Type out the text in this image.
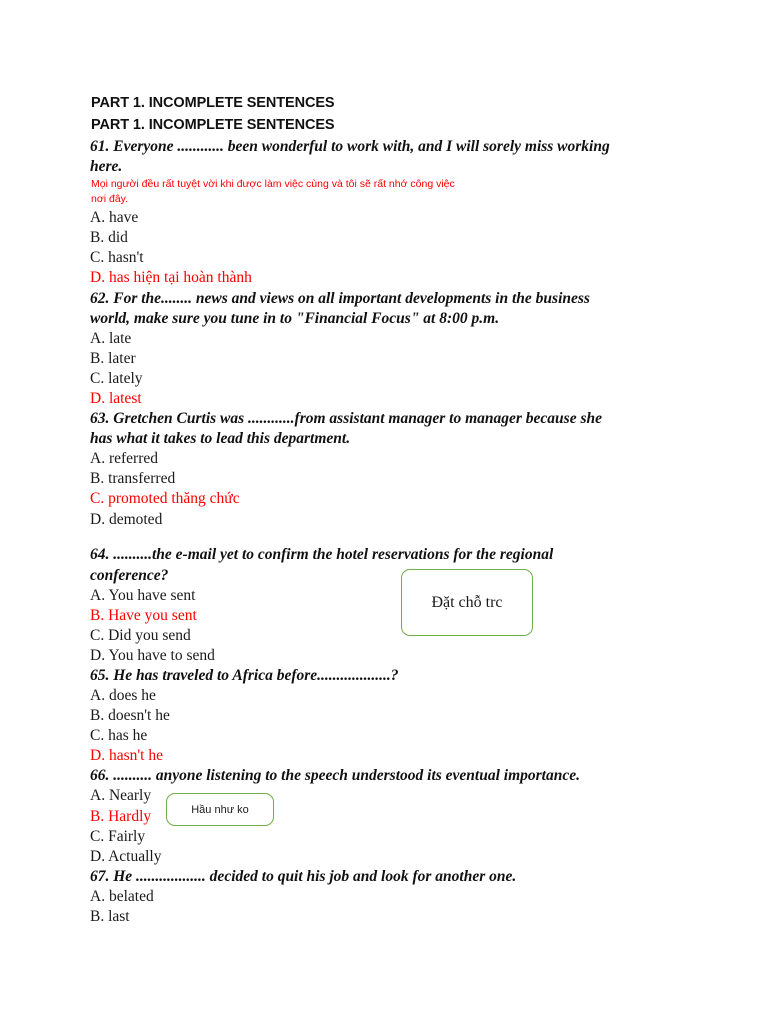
PART 1. INCOMPLETE SENTENCES
PART 1. INCOMPLETE SENTENCES
61. Everyone ............ been wonderful to work with, and I will sorely miss working
here.
Mọi người đều rất tuyệt vời khi được làm việc cùng và tôi sẽ rất nhớ công việc
nơi đây.
A. have
B. did
C. hasn't
D. has hiện tại hoàn thành
62. For the........ news and views on all important developments in the business
world, make sure you tune in to "Financial Focus" at 8:00 p.m.
A. late
B. later
C. lately
D. latest
63. Gretchen Curtis was ............from assistant manager to manager because she
has what it takes to lead this department.
A. referred
B. transferred
C. promoted thăng chức
D. demoted
64. ..........the e-mail yet to confirm the hotel reservations for the regional
conference?
A. You have sent
B. Have you sent
C. Did you send
D. You have to send
Đặt chỗ trc
65. He has traveled to Africa before...................?
A. does he
B. doesn't he
C. has he
D. hasn't he
66. .......... anyone listening to the speech understood its eventual importance.
A. Nearly
B. Hardly
C. Fairly
D. Actually
Hầu như ko
67. He .................. decided to quit his job and look for another one.
A. belated
B. last
